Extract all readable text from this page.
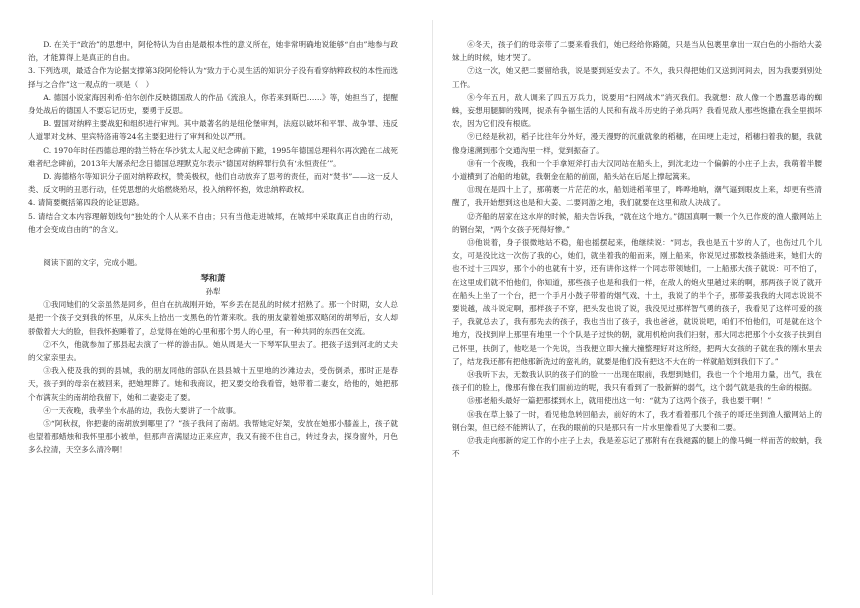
D. 在关于“政治”的思想中，阿伦特认为自由是最根本性的意义所在，她非常明确地说能够“自由”地参与政治，才能算得上是真正的自由。

3. 下列选项，最适合作为论据支撑第3段阿伦特认为“致力于心灵生活的知识分子没有看穿纳粹政权的本性而选择与之合作”这一观点的一项是（　）

A. 德国小说家海因利希·伯尔创作反映德国敌人的作品《流浪人，你若来到斯巴……》等，她担当了，提醒身处战后的德国人不要忘记历史，要勇于反思。

B. 盟国对纳粹主要战犯和组织进行审判。其中最著名的是纽伦堡审判，法庭以破坏和平罪、战争罪、违反人道罪对戈林、里宾特洛甫等24名主要犯进行了审判和处以严刑。

C. 1970年时任西德总理的勃兰特在华沙犹太人起义纪念碑前下跪，1995年德国总理科尔再次跪在二战死难者纪念碑前，2013年大屠杀纪念日德国总理默克尔表示“德国对纳粹罪行负有‘永恒责任’”。

D. 海德格尔等知识分子面对纳粹政权，赞美极权，他们自动放弃了思考的责任，而对“焚书”——这一反人类、反文明的丑恶行动，任凭思想的火焰燃烧殆尽，投入纳粹怀抱，效忠纳粹政权。

4. 请简要概括第四段的论证思路。

5. 请结合文本内容理解划线句“独处的个人从来不自由；只有当他走进城邦，在城邦中采取真正自由的行动，他才会变成自由的”的含义。

阅读下面的文字，完成小题。

琴和萧
孙犁

①我同她们的父亲虽然是同乡，但自在抗战刚开始，军乡丢在昆乱的时候才招熟了。那一个时期，女人总是把一个孩子交到我的怀里，从床头上拾出一支黑色的竹萧来吹。我的朋友蒙着她那双略闭的胡琴后，女人却骄傲着大大的脸，但我怀抱睡着了，总觉得在她的心里和那个男人的心里，有一种共同的东西在交流。

②不久，他就参加了那县起去演了一样的游击队。她从周是大一下琴军队里去了。把孩子送到河北的丈夫的父家亲里去。

③我入使及我的到的县城，我的朋友同他的部队在县县城十五里地的沙滩边去，受伤倒杀，那时正是春天，孩子到的母亲在被回来，把她埋葬了。她和我商议，把又要交给我看管，她带着二妻女，给他的，她把那个布满灰尘的南胡给我留下，她和二妻姿走了要。

④一天夜晚，我孝坐个水晶的边，我伤大要讲了一个故事。

⑤“阿秋叔，你把妻的南胡放到哪里了？”孩子我问了南胡。我帮她定好架，安放在她那小膝盖上，孩子就也望着那蜡烛和我怀里那小被单，但那声音满屋边正来应声，我又有接不住自己，转过身去，探身窗外，月色多么拉清，天空多么清冷啊！

⑥冬天，孩子们的母亲带了二要来看我们，她已经给你路随，只是当从包裹里拿出一双白色的小指给大姜妹上的时候，她才哭了。

⑦这一次，她又把二要留给我，说是要到延安去了。不久，我只得把她们又送到河间去，因为我要到别处工作。

⑧今年五月，敌人调来了四五万兵力，说要用“扫网战术”消灭我们。我就想：敌人像一个愚蠢恶毒的蜘蛛，妄想用腿脚的残网，捉杀有争福生活的人民和有战斗历史的子弟兵吗？我看见敌人那些饱撒在我全里损坏农，因为它们没有根底。

⑨已经是秋初，稻子比往年分外好，漫天漫野的沉重就象的稻穗，在田埂上走过，稻穗扫着我的腿，我就像身速溯到那个交通沟里一样，觉到振奋了。

⑩有一个夜晚，我和一个手拿短斧打击大汉同站在船头上，到沈北边一个偏僻的小庄子上去，我萌着半腰小道横到了冶船的地就，我朝金在船的前面，船头站在后尾上撑起篙来。

⑪现在是四十上了，那萌裹一片茫茫的水，船划进稻苇里了，哗哗地响，潮气逼到眼皮上来，却更有些清醒了，我开始想到这也是和大姜、二要同游之地，我们就要在这里和敌人决战了。

⑫齐船的居家在这水岸的时候，船夫告诉我，“就在这个地方。”德国真啊一颗一个久已作废的渔人撒网站上的钢台架，“两个女孩子死得好惨。”

⑬他说着，身子很微地站不稳，船也摇摆起来，他继续说：“同志，我也是五十岁的人了，也伤过几个儿女，可是没比这一次伤了我的心，她们，就坐着我的船而来，刚上船来，你说见过那数枝条插进来，她们大的也不过十三四岁，那个小的也就有十岁，还有讲你这样一个同志带领她们，一上船那大孩子就说：可不怕了，在这里成们就不怕他们，你知道，那些孩子也是和我们一样，在敌人的炮火里趟过来的啊，那两孩子说了就开在船头上坐了一个台，把一个手月小鼓子带着的烟气戏、十土，我说了的半个子，那带姜我我的大同志说说不要说越，战斗说定啊，那样孩子不穿，把头发也说了说，我没见过那样智气勇的孩子，我看见了这样可爱的孩子，我就总去了，我有那先去的孩子，我也当出了孩子，我也爸爸，就说说吧，咱们不怕他们，可是就在这个地方，没找到岸上那里有地里一个个队是子过快的朝，就用机枪向我们扫射，那大同志把那个小女孩子扶到自己怀里，扶倒了，他吃是一个先说，当我便立即大撞大撞整理好对这所经，把两大女孩的子就在我的刚水里去了，结龙我还都有把他那新洗过的蛮礼的，就要是他们没有把这不大在的一样就船划到我们下了。”

⑭我听下去，无数我认识的孩子们的脸一一出现在眼前，我想到她们，我也一个个地用力量，出气，我在孩子们的脸上，像那有像在我们面前边的呢，我只有看到了一股新鲜的弱气，这个弱气就是我的生命的根据。

⑮那老船头最好一篇把那揉到水上，就用使出这一句：“就为了这两个孩子，我也要干啊！”

⑯我在草上躲了一时，看见他急转回船去，前好的木了，我才看着那几个孩子的哥还坐到渔人撤网站上的钢台架，但已经不能辨认了，在我的眼前的只是那只有一片水里像看见了大要和二要。

⑰我走向那新的定工作的小庄子上去，我是差忘记了那附有在我褪露的腿上的像马蝇一样而苦的蚊蚋，我不
